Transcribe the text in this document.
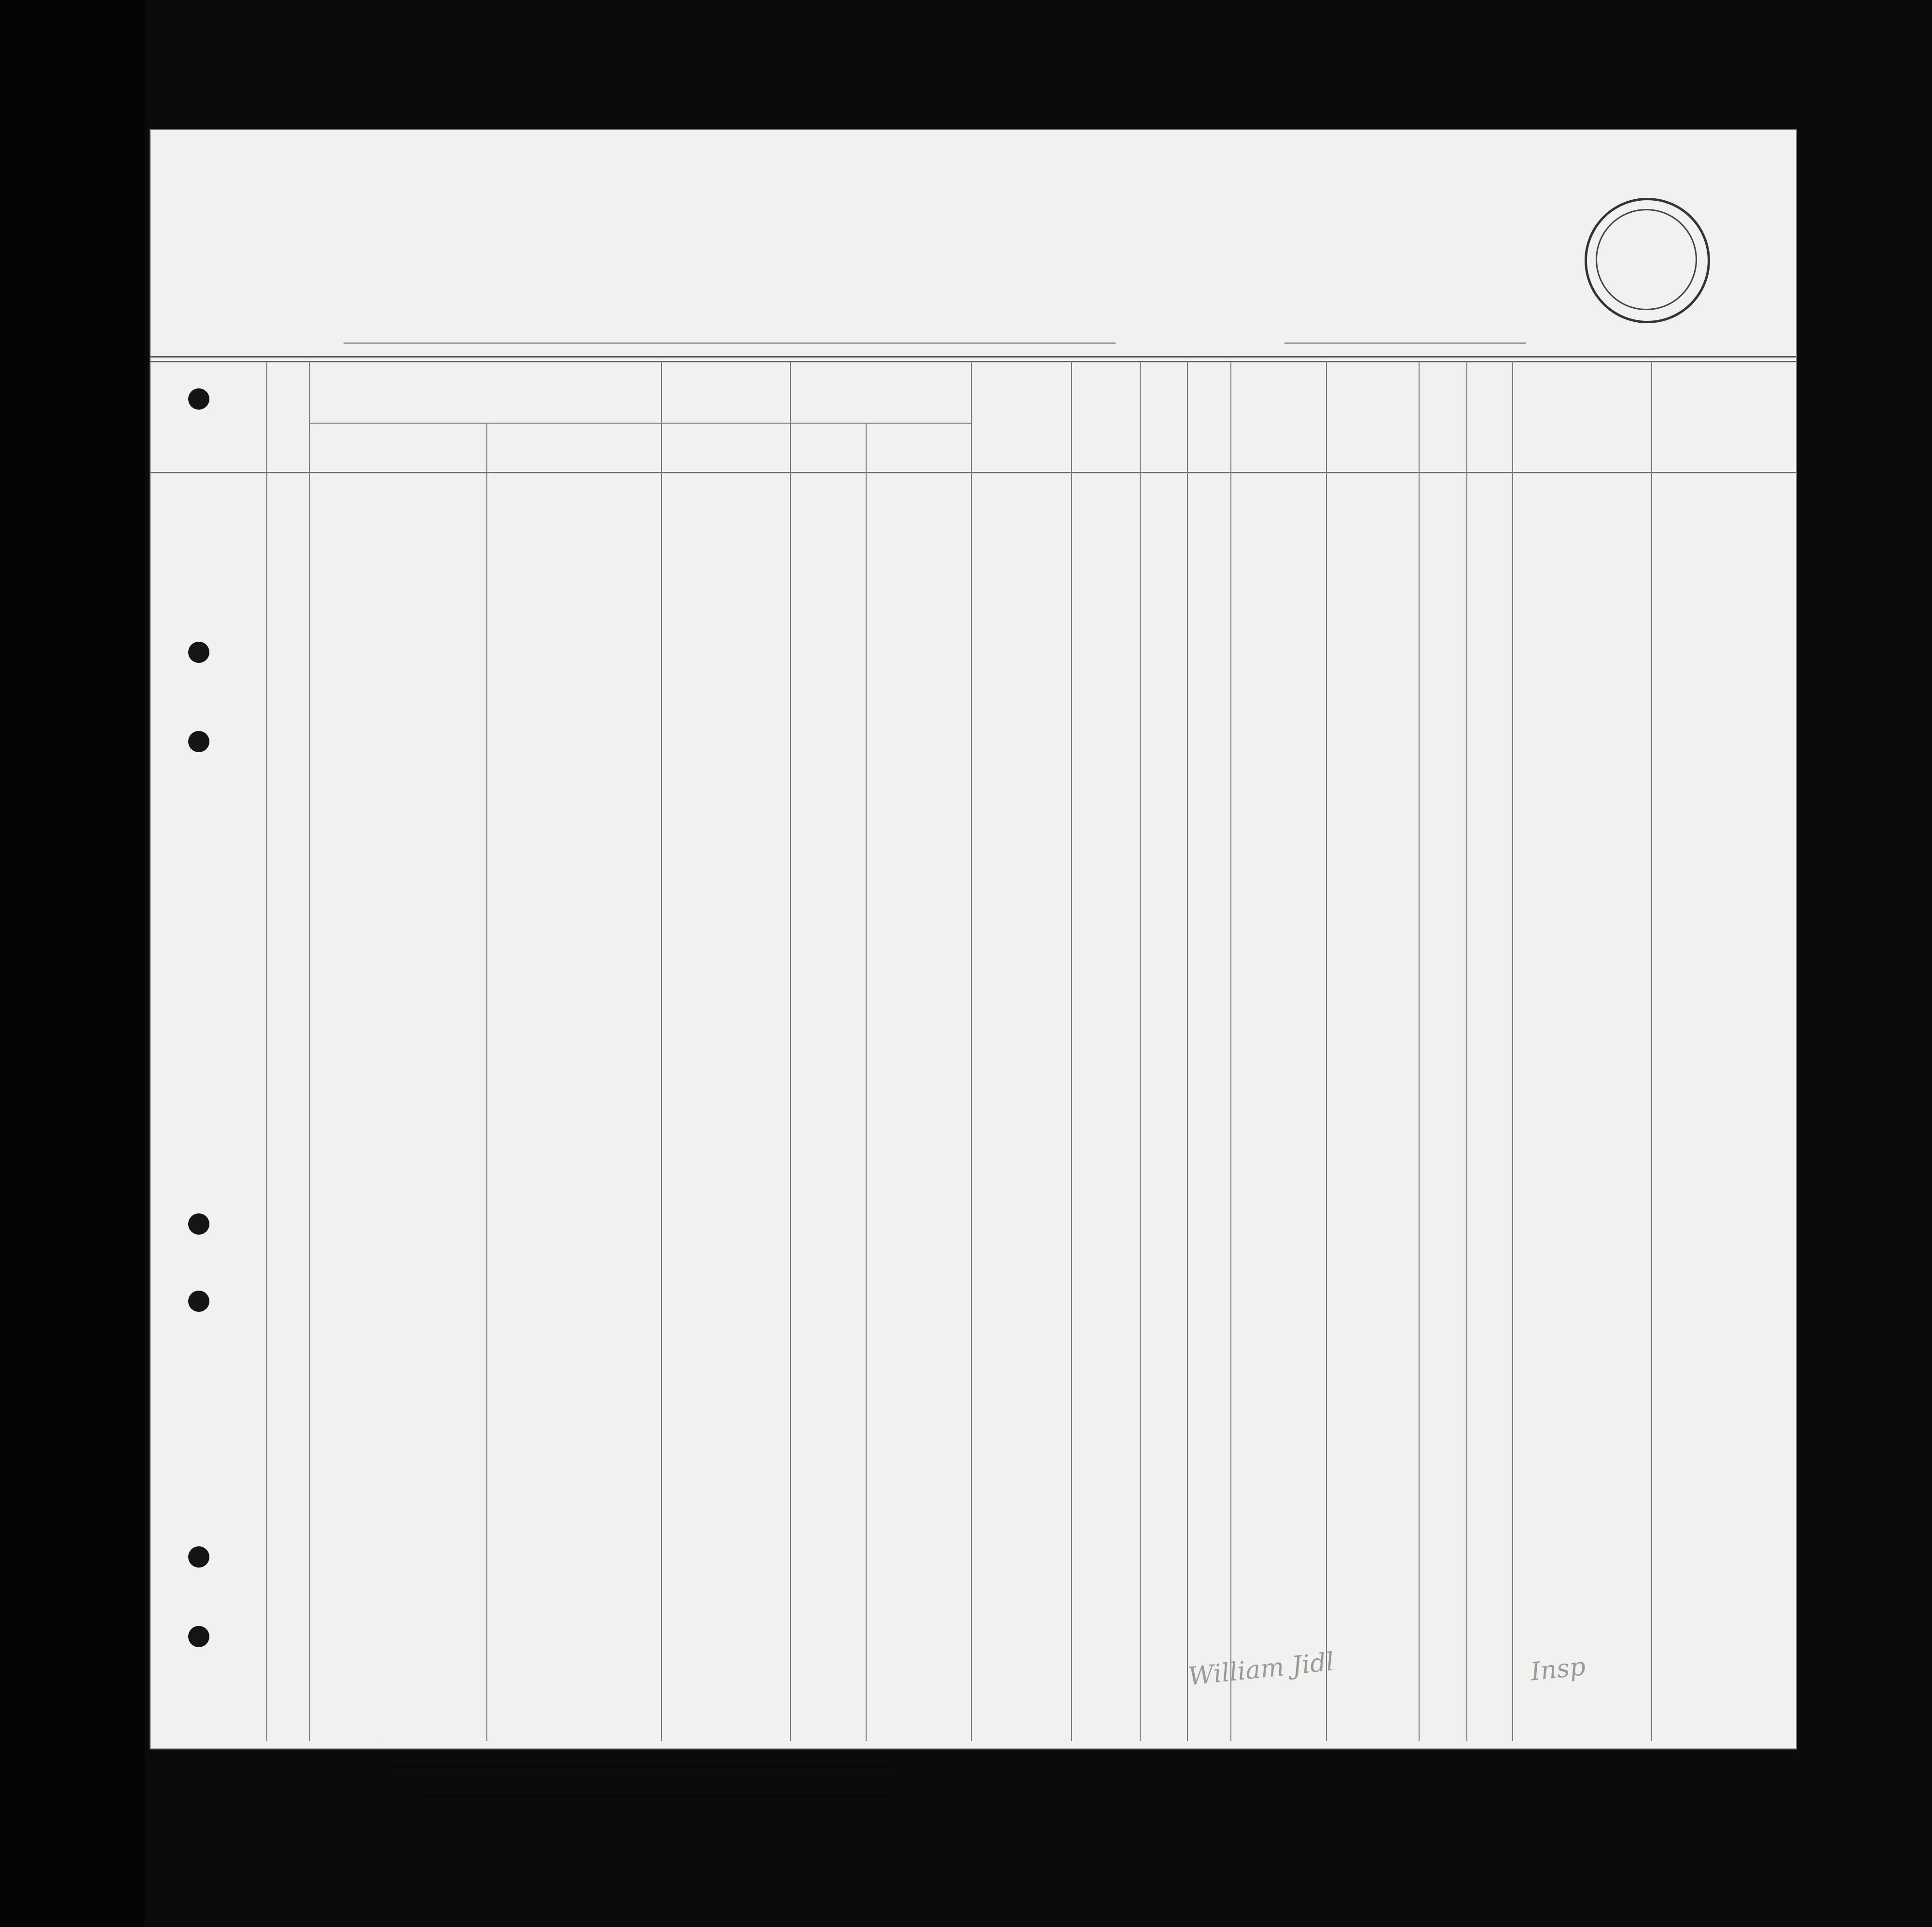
William Jidl	Insp
